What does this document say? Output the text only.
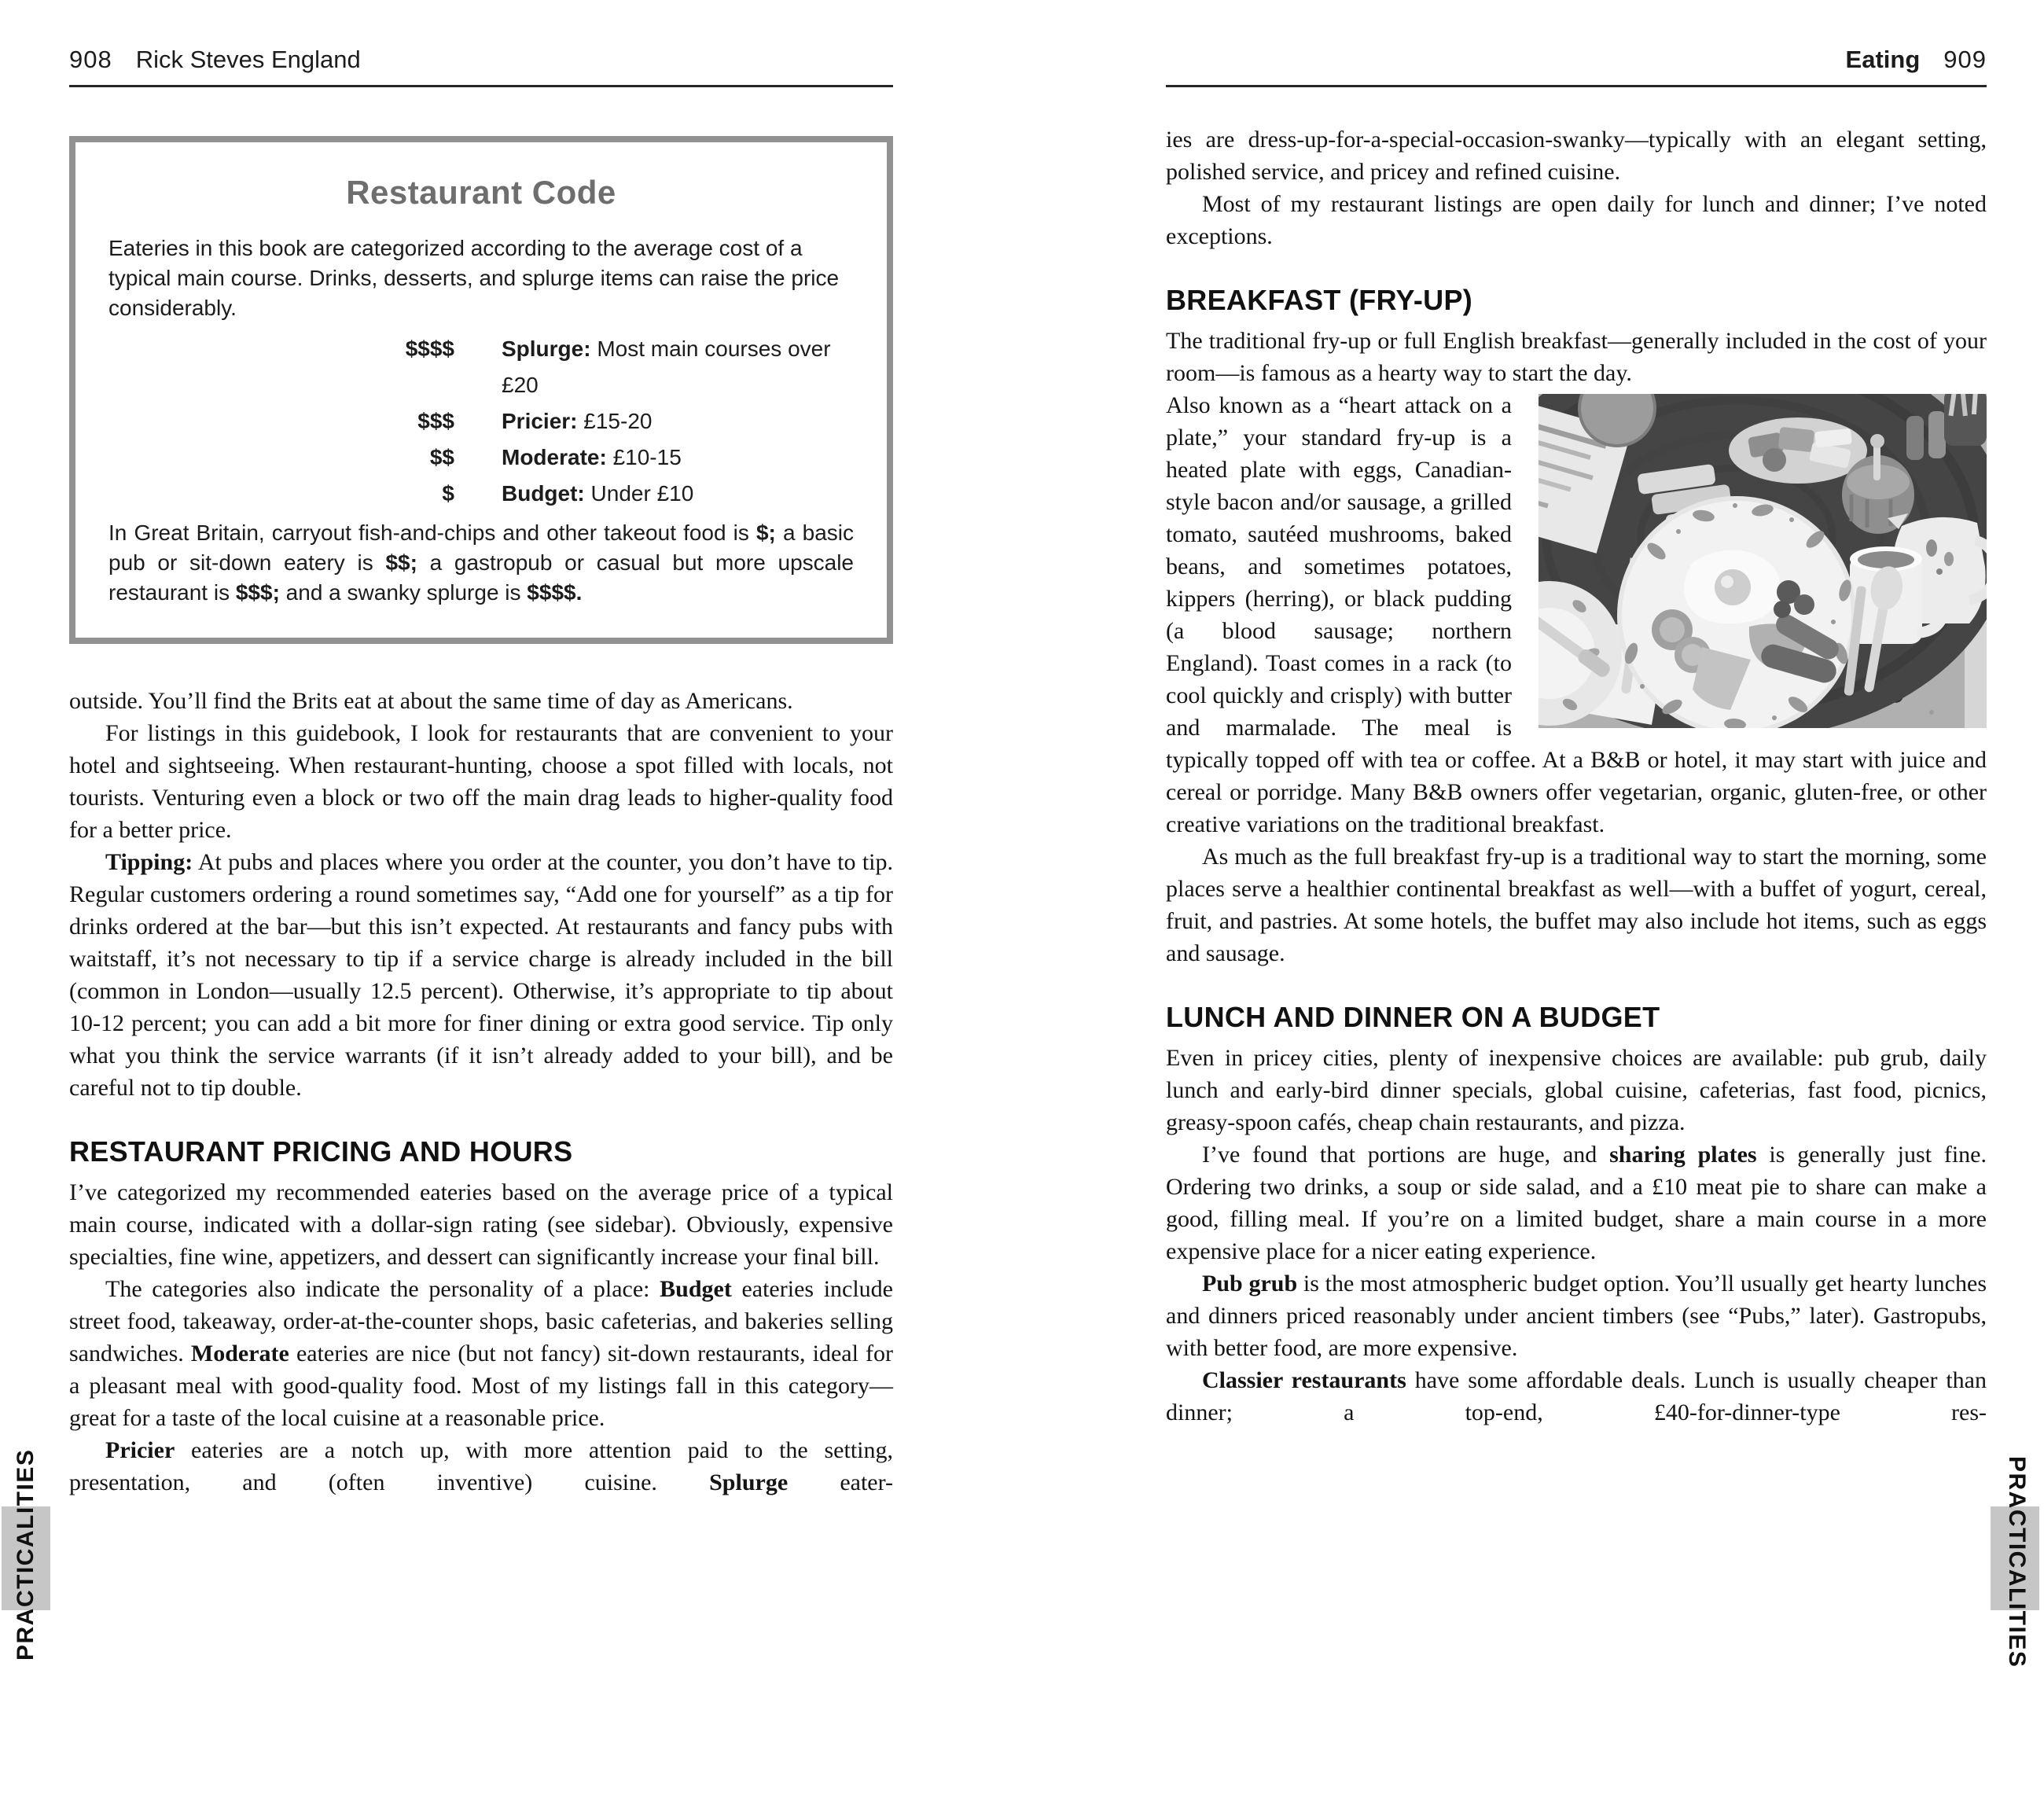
908 Rick Steves England
Restaurant Code
Eateries in this book are categorized according to the average cost of a typical main course. Drinks, desserts, and splurge items can raise the price considerably.
$$$$ Splurge: Most main courses over £20
$$$ Pricier: £15-20
$$ Moderate: £10-15
$ Budget: Under £10
In Great Britain, carryout fish-and-chips and other takeout food is $; a basic pub or sit-down eatery is $$; a gastropub or casual but more upscale restaurant is $$$; and a swanky splurge is $$$$.

outside. You’ll find the Brits eat at about the same time of day as Americans.

For listings in this guidebook, I look for restaurants that are convenient to your hotel and sightseeing. When restaurant-hunting, choose a spot filled with locals, not tourists. Venturing even a block or two off the main drag leads to higher-quality food for a better price.

Tipping: At pubs and places where you order at the counter, you don’t have to tip. Regular customers ordering a round sometimes say, “Add one for yourself” as a tip for drinks ordered at the bar—but this isn’t expected. At restaurants and fancy pubs with waitstaff, it’s not necessary to tip if a service charge is already included in the bill (common in London—usually 12.5 percent). Otherwise, it’s appropriate to tip about 10-12 percent; you can add a bit more for finer dining or extra good service. Tip only what you think the service warrants (if it isn’t already added to your bill), and be careful not to tip double.

RESTAURANT PRICING AND HOURS

I’ve categorized my recommended eateries based on the average price of a typical main course, indicated with a dollar-sign rating (see sidebar). Obviously, expensive specialties, fine wine, appetizers, and dessert can significantly increase your final bill.

The categories also indicate the personality of a place: Budget eateries include street food, takeaway, order-at-the-counter shops, basic cafeterias, and bakeries selling sandwiches. Moderate eateries are nice (but not fancy) sit-down restaurants, ideal for a pleasant meal with good-quality food. Most of my listings fall in this category—great for a taste of the local cuisine at a reasonable price.

Pricier eateries are a notch up, with more attention paid to the setting, presentation, and (often inventive) cuisine. Splurge eater-

Eating 909

ies are dress-up-for-a-special-occasion-swanky—typically with an elegant setting, polished service, and pricey and refined cuisine.

Most of my restaurant listings are open daily for lunch and dinner; I’ve noted exceptions.

BREAKFAST (FRY-UP)

The traditional fry-up or full English breakfast—generally included in the cost of your room—is famous as a hearty way to start the day.

Also known as a “heart attack on a plate,” your standard fry-up is a heated plate with eggs, Canadian-style bacon and/or sausage, a grilled tomato, sautéed mushrooms, baked beans, and sometimes potatoes, kippers (herring), or black pudding (a blood sausage; northern England). Toast comes in a rack (to cool quickly and crisply) with butter and marmalade. The meal is typically topped off with tea or coffee. At a B&B or hotel, it may start with juice and cereal or porridge. Many B&B owners offer vegetarian, organic, gluten-free, or other creative variations on the traditional breakfast.

As much as the full breakfast fry-up is a traditional way to start the morning, some places serve a healthier continental breakfast as well—with a buffet of yogurt, cereal, fruit, and pastries. At some hotels, the buffet may also include hot items, such as eggs and sausage.

LUNCH AND DINNER ON A BUDGET

Even in pricey cities, plenty of inexpensive choices are available: pub grub, daily lunch and early-bird dinner specials, global cuisine, cafeterias, fast food, picnics, greasy-spoon cafés, cheap chain restaurants, and pizza.

I’ve found that portions are huge, and sharing plates is generally just fine. Ordering two drinks, a soup or side salad, and a £10 meat pie to share can make a good, filling meal. If you’re on a limited budget, share a main course in a more expensive place for a nicer eating experience.

Pub grub is the most atmospheric budget option. You’ll usually get hearty lunches and dinners priced reasonably under ancient timbers (see “Pubs,” later). Gastropubs, with better food, are more expensive.

Classier restaurants have some affordable deals. Lunch is usually cheaper than dinner; a top-end, £40-for-dinner-type res-

PRACTICALITIES	PRACTICALITIES
